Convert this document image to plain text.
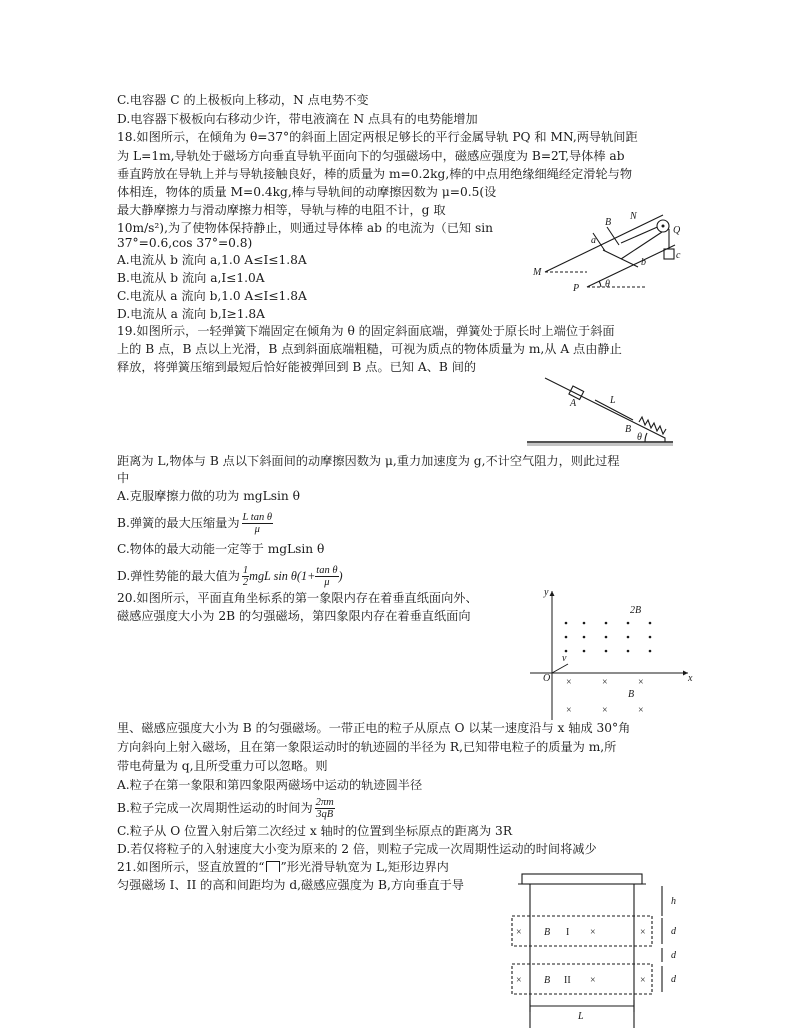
C.电容器 C 的上极板向上移动，N 点电势不变
D.电容器下极板向右移动少许，带电液滴在 N 点具有的电势能增加
18.如图所示，在倾角为 θ=37°的斜面上固定两根足够长的平行金属导轨 PQ 和 MN,两导轨间距
为 L=1m,导轨处于磁场方向垂直导轨平面向下的匀强磁场中，磁感应强度为 B=2T,导体棒 ab
垂直跨放在导轨上并与导轨接触良好，棒的质量为 m=0.2kg,棒的中点用绝缘细绳经定滑轮与物
体相连，物体的质量 M=0.4kg,棒与导轨间的动摩擦因数为 μ=0.5(设
最大静摩擦力与滑动摩擦力相等，导轨与棒的电阻不计，g 取
10m/s²),为了使物体保持静止，则通过导体棒 ab 的电流为（已知 sin
37°=0.6,cos 37°=0.8)
A.电流从 b 流向 a,1.0 A≤I≤1.8A
B.电流从 b 流向 a,I≤1.0A
C.电流从 a 流向 b,1.0 A≤I≤1.8A
D.电流从 a 流向 b,I≥1.8A
19.如图所示，一轻弹簧下端固定在倾角为 θ 的固定斜面底端，弹簧处于原长时上端位于斜面
上的 B 点，B 点以上光滑，B 点到斜面底端粗糙，可视为质点的物体质量为 m,从 A 点由静止
释放，将弹簧压缩到最短后恰好能被弹回到 B 点。已知 A、B 间的
距离为 L,物体与 B 点以下斜面间的动摩擦因数为 μ,重力加速度为 g,不计空气阻力，则此过程
中
A.克服摩擦力做的功为 mgLsin θ
B.弹簧的最大压缩量为 $\frac{\text{L tan θ}}{\mu}$
C.物体的最大动能一定等于 mgLsin θ
D.弹性势能的最大值为 $\frac{1}{2}$ mgL $\sin \theta(1+ \frac{\text{tan θ}}{\mu}$ )
20.如图所示，平面直角坐标系的第一象限内存在着垂直纸面向外、
磁感应强度大小为 2B 的匀强磁场，第四象限内存在着垂直纸面向
里、磁感应强度大小为 B 的匀强磁场。一带正电的粒子从原点 O 以某一速度沿与 x 轴成 30°角
方向斜向上射入磁场，且在第一象限运动时的轨迹圆的半径为 R,已知带电粒子的质量为 m,所
带电荷量为 q,且所受重力可以忽略。则
A.粒子在第一象限和第四象限两磁场中运动的轨迹圆半径
B.粒子完成一次周期性运动的时间为 $\frac{2\pi m}{3qB}$
C.粒子从 O 位置入射后第二次经过 x 轴时的位置到坐标原点的距离为 3R
D.若仅将粒子的入射速度大小变为原来的 2 倍，则粒子完成一次周期性运动的时间将减少
21.如图所示，竖直放置的“ ”形光滑导轨宽为 L,矩形边界内
匀强磁场 I、II 的高和间距均为 d,磁感应强度为 B,方向垂直于导
B
N
a
b
c
Q
M
P	θ
A	L
B
θ
×	×	×
×	×	×
y
x
O
v
2B
B
×	×	×
×	×	×
h
d
d
d
B
B
L
I
II
